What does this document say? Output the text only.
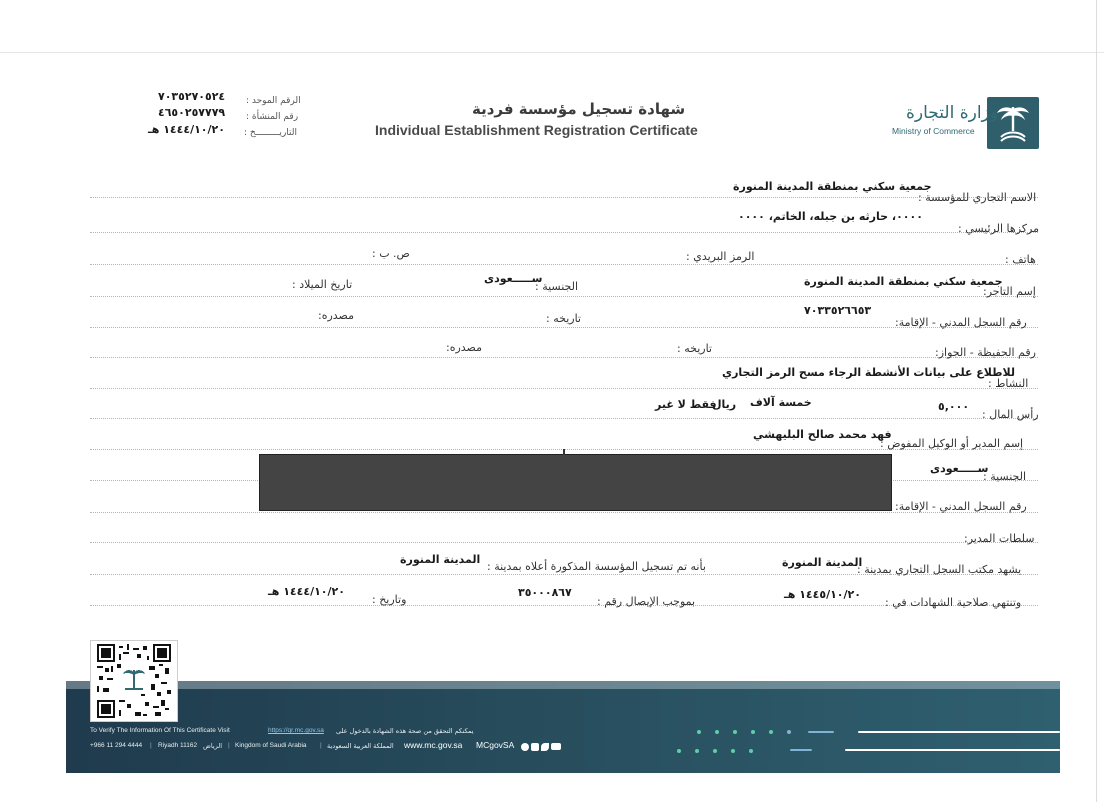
وزارة التجارة
Ministry of Commerce
شهادة تسجيل مؤسسة فردية
Individual Establishment Registration Certificate
الرقم الموحد :
٧٠٣٥٢٧٠٥٢٤
رقم المنشأة :
٤٦٥٠٢٥٧٧٧٩
التاريـــــــــخ :
١٤٤٤/١٠/٢٠ هـ
الاسم التجاري للمؤسسة :
جمعية سكني بمنطقة المدينة المنورة
مركزها الرئيسي :
٠٠٠٠، حارثه بن جبله، الخاتم، ٠٠٠٠
هاتف :
الرمز البريدي :
ص. ب :
إسم التاجر:
جمعية سكني بمنطقة المدينة المنورة
الجنسية :
ســـــعودى
تاريخ الميلاد :
رقم السجل المدني - الإقامة:
٧٠٣٣٥٢٦٦٥٣
تاريخه :
مصدره:
رقم الحفيظة - الجواز:
تاريخه :
مصدره:
النشاط :
للاطلاع على بيانات الأنشطة الرجاء مسح الرمز التجاري
رأس المال :
٥,٠٠٠
خمسة آلاف
ريال
فقط لا غير
إسم المدير أو الوكيل المفوض :
فهد محمد صالح البليهشي
الجنسية :
ســـــعودى
رقم السجل المدني - الإقامة:
سلطات المدير:
يشهد مكتب السجل التجاري بمدينة :
المدينة المنورة
بأنه تم تسجيل المؤسسة المذكورة أعلاه بمدينة :
المدينة المنورة
وتنتهي صلاحية الشهادات في :
١٤٤٥/١٠/٢٠ هـ
بموجب الإيصال رقم :
٣٥٠٠٠٨٦٧
وتاريخ :
١٤٤٤/١٠/٢٠ هـ
To Verify The Information Of This Certificate Visit	https://qr.mc.gov.sa يمكنكم التحقق من صحة هذه الشهادة بالدخول على
+966 11 294 4444 | Riyadh 11162 الرياض | Kingdom of Saudi Arabia | المملكة العربية السعودية www.mc.gov.sa MCgovSA
